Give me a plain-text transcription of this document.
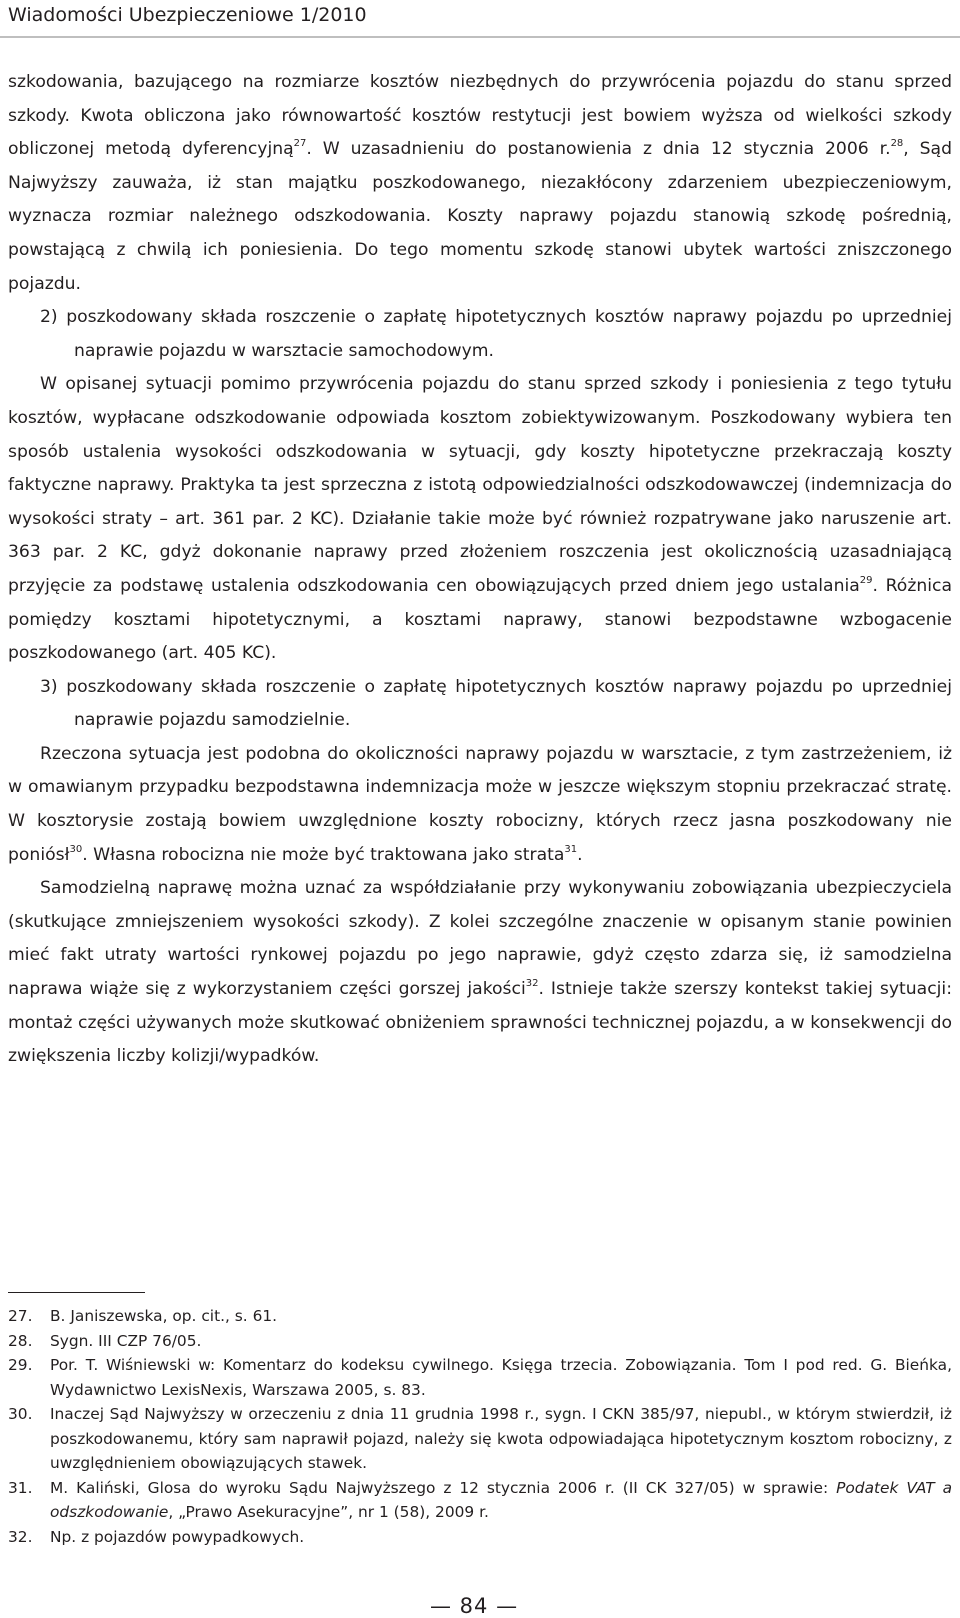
Wiadomości Ubezpieczeniowe 1/2010

szkodowania, bazującego na rozmiarze kosztów niezbędnych do przywrócenia pojazdu do stanu sprzed szkody. Kwota obliczona jako równowartość kosztów restytucji jest bowiem wyższa od wielkości szkody obliczonej metodą dyferencyjną$^{27}$. W uzasadnieniu do postanowienia z dnia 12 stycznia 2006 r.$^{28}$, Sąd Najwyższy zauważa, iż stan majątku poszkodowanego, niezakłócony zdarzeniem ubezpieczeniowym, wyznacza rozmiar należnego odszkodowania. Koszty naprawy pojazdu stanowią szkodę pośrednią, powstającą z chwilą ich poniesienia. Do tego momentu szkodę stanowi ubytek wartości zniszczonego pojazdu.

2) poszkodowany składa roszczenie o zapłatę hipotetycznych kosztów naprawy pojazdu po uprzedniej naprawie pojazdu w warsztacie samochodowym.

W opisanej sytuacji pomimo przywrócenia pojazdu do stanu sprzed szkody i poniesienia z tego tytułu kosztów, wypłacane odszkodowanie odpowiada kosztom zobiektywizowanym. Poszkodowany wybiera ten sposób ustalenia wysokości odszkodowania w sytuacji, gdy koszty hipotetyczne przekraczają koszty faktyczne naprawy. Praktyka ta jest sprzeczna z istotą odpowiedzialności odszkodowawczej (indemnizacja do wysokości straty – art. 361 par. 2 KC). Działanie takie może być również rozpatrywane jako naruszenie art. 363 par. 2 KC, gdyż dokonanie naprawy przed złożeniem roszczenia jest okolicznością uzasadniającą przyjęcie za podstawę ustalenia odszkodowania cen obowiązujących przed dniem jego ustalania$^{29}$. Różnica pomiędzy kosztami hipotetycznymi, a kosztami naprawy, stanowi bezpodstawne wzbogacenie poszkodowanego (art. 405 KC).

3) poszkodowany składa roszczenie o zapłatę hipotetycznych kosztów naprawy pojazdu po uprzedniej naprawie pojazdu samodzielnie.

Rzeczona sytuacja jest podobna do okoliczności naprawy pojazdu w warsztacie, z tym zastrzeżeniem, iż w omawianym przypadku bezpodstawna indemnizacja może w jeszcze większym stopniu przekraczać stratę. W kosztorysie zostają bowiem uwzględnione koszty robocizny, których rzecz jasna poszkodowany nie poniósł$^{30}$. Własna robocizna nie może być traktowana jako strata$^{31}$.

Samodzielną naprawę można uznać za współdziałanie przy wykonywaniu zobowiązania ubezpieczyciela (skutkujące zmniejszeniem wysokości szkody). Z kolei szczególne znaczenie w opisanym stanie powinien mieć fakt utraty wartości rynkowej pojazdu po jego naprawie, gdyż często zdarza się, iż samodzielna naprawa wiąże się z wykorzystaniem części gorszej jakości$^{32}$. Istnieje także szerszy kontekst takiej sytuacji: montaż części używanych może skutkować obniżeniem sprawności technicznej pojazdu, a w konsekwencji do zwiększenia liczby kolizji/wypadków.

27.	B. Janiszewska, op. cit., s. 61.
28.	Sygn. III CZP 76/05.
29.	Por. T. Wiśniewski w: Komentarz do kodeksu cywilnego. Księga trzecia. Zobowiązania. Tom I pod red. G. Bieńka, Wydawnictwo LexisNexis, Warszawa 2005, s. 83.
30.	Inaczej Sąd Najwyższy w orzeczeniu z dnia 11 grudnia 1998 r., sygn. I CKN 385/97, niepubl., w którym stwierdził, iż poszkodowanemu, który sam naprawił pojazd, należy się kwota odpowiadająca hipotetycznym kosztom robocizny, z uwzględnieniem obowiązujących stawek.
31.	M. Kaliński, Glosa do wyroku Sądu Najwyższego z 12 stycznia 2006 r. (II CK 327/05) w sprawie: Podatek VAT a odszkodowanie, „Prawo Asekuracyjne”, nr 1 (58), 2009 r.
32.	Np. z pojazdów powypadkowych.
— 84 —
